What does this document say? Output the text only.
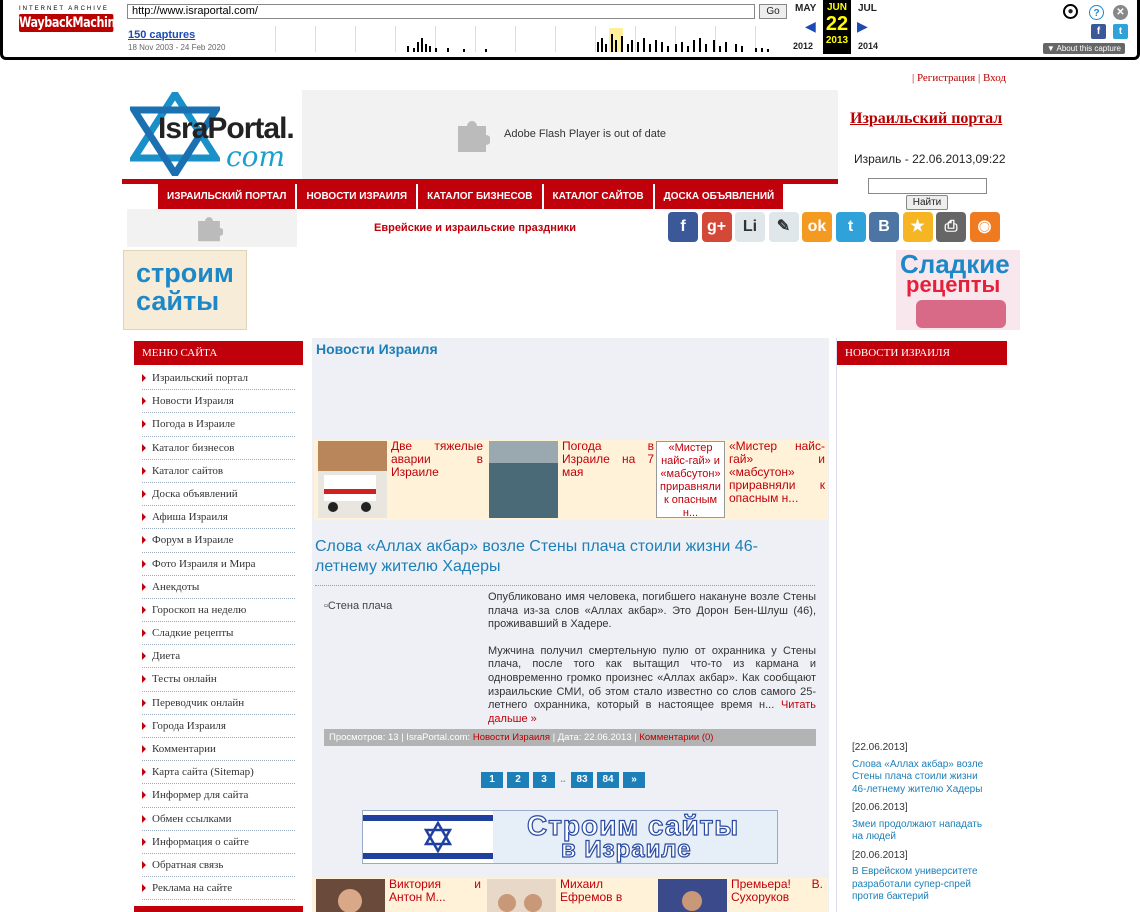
INTERNET ARCHIVE
WaybackMachine
http://www.israportal.com/	Go
150 captures
18 Nov 2003 - 24 Feb 2020
MAY	JUN
22
2013
JUL
◀	▶
2012	2014
●	?	✕
f	t
▼ About this capture
| Регистрация | Вход
IsraPortal.
com
Adobe Flash Player is out of date
Израильский портал
Израиль - 22.06.2013,09:22
Найти
ИЗРАИЛЬСКИЙ ПОРТАЛ	НОВОСТИ ИЗРАИЛЯ	КАТАЛОГ БИЗНЕСОВ	КАТАЛОГ САЙТОВ	ДОСКА ОБЪЯВЛЕНИЙ
Еврейские и израильские праздники	f	g+	Li	✎	ok	t	B	★	⎙	◉
строим
сайты
Сладкие
рецепты
МЕНЮ САЙТА
Израильский портал
Новости Израиля
Погода в Израиле
Каталог бизнесов
Каталог сайтов
Доска объявлений
Афиша Израиля
Форум в Израиле
Фото Израиля и Мира
Анекдоты
Гороскоп на неделю
Сладкие рецепты
Диета
Тесты онлайн
Переводчик онлайн
Города Израиля
Комментарии
Карта сайта (Sitemap)
Информер для сайта
Обмен ссылками
Информация о сайте
Обратная связь
Реклама на сайте
Новости Израиля
Две тяжелые аварии в Израиле
Погода в Израиле на 7 мая
«Мистер найс-гай» и «мабсутон» приравняли к опасным н...
«Мистер найс-гай» и «мабсутон» приравняли к опасным н...
Слова «Аллах акбар» возле Стены плача стоили жизни 46-летнему жителю Хадеры
▫Стена плача

Опубликовано имя человека, погибшего накануне возле Стены плача из-за слов «Аллах акбар». Это Дорон Бен-Шлуш (46), проживавший в Хадере.

Мужчина получил смертельную пулю от охранника у Стены плача, после того как вытащил что-то из кармана и одновременно громко произнес «Аллах акбар». Как сообщают израильские СМИ, об этом стало известно со слов самого 25-летнего охранника, который в настоящее время н... Читать дальше »

Просмотров: 13 | IsraPortal.com: Новости Израиля | Дата: 22.06.2013 | Комментарии (0)
1	2	3	..	83	84	»
Строим сайты
в Израиле
Виктория и Антон М...
Михаил Ефремов в
Премьера! В. Сухоруков
НОВОСТИ ИЗРАИЛЯ
[22.06.2013]
Слова «Аллах акбар» возле Стены плача стоили жизни 46-летнему жителю Хадеры
[20.06.2013]
Змеи продолжают нападать на людей
[20.06.2013]
В Еврейском университете разработали супер-спрей против бактерий
